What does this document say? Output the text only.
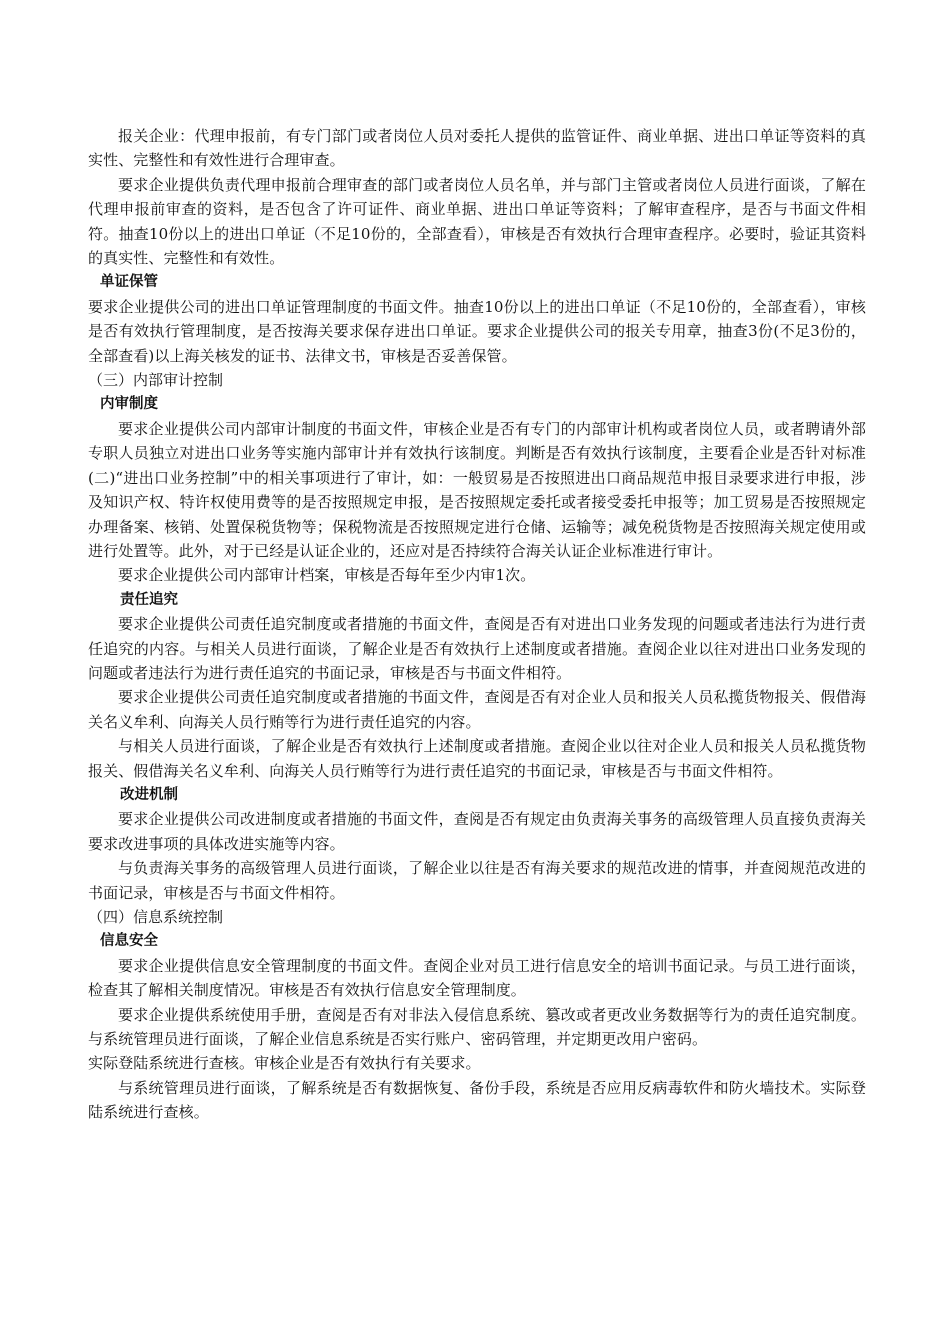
报关企业：代理申报前，有专门部门或者岗位人员对委托人提供的监管证件、商业单据、进出口单证等资料的真实性、完整性和有效性进行合理审查。

要求企业提供负责代理申报前合理审查的部门或者岗位人员名单，并与部门主管或者岗位人员进行面谈，了解在代理申报前审查的资料，是否包含了许可证件、商业单据、进出口单证等资料；了解审查程序，是否与书面文件相符。抽查10份以上的进出口单证（不足10份的，全部查看），审核是否有效执行合理审查程序。必要时，验证其资料的真实性、完整性和有效性。

单证保管

要求企业提供公司的进出口单证管理制度的书面文件。抽查10份以上的进出口单证（不足10份的，全部查看），审核是否有效执行管理制度，是否按海关要求保存进出口单证。要求企业提供公司的报关专用章，抽查3份(不足3份的，全部查看)以上海关核发的证书、法律文书，审核是否妥善保管。

（三）内部审计控制

内审制度

要求企业提供公司内部审计制度的书面文件，审核企业是否有专门的内部审计机构或者岗位人员，或者聘请外部专职人员独立对进出口业务等实施内部审计并有效执行该制度。判断是否有效执行该制度，主要看企业是否针对标准(二)“进出口业务控制”中的相关事项进行了审计，如：一般贸易是否按照进出口商品规范申报目录要求进行申报，涉及知识产权、特许权使用费等的是否按照规定申报，是否按照规定委托或者接受委托申报等；加工贸易是否按照规定办理备案、核销、处置保税货物等；保税物流是否按照规定进行仓储、运输等；减免税货物是否按照海关规定使用或进行处置等。此外，对于已经是认证企业的，还应对是否持续符合海关认证企业标准进行审计。

要求企业提供公司内部审计档案，审核是否每年至少内审1次。

责任追究

要求企业提供公司责任追究制度或者措施的书面文件，查阅是否有对进出口业务发现的问题或者违法行为进行责任追究的内容。与相关人员进行面谈，了解企业是否有效执行上述制度或者措施。查阅企业以往对进出口业务发现的问题或者违法行为进行责任追究的书面记录，审核是否与书面文件相符。

要求企业提供公司责任追究制度或者措施的书面文件，查阅是否有对企业人员和报关人员私揽货物报关、假借海关名义牟利、向海关人员行贿等行为进行责任追究的内容。

与相关人员进行面谈，了解企业是否有效执行上述制度或者措施。查阅企业以往对企业人员和报关人员私揽货物报关、假借海关名义牟利、向海关人员行贿等行为进行责任追究的书面记录，审核是否与书面文件相符。

改进机制

要求企业提供公司改进制度或者措施的书面文件，查阅是否有规定由负责海关事务的高级管理人员直接负责海关要求改进事项的具体改进实施等内容。

与负责海关事务的高级管理人员进行面谈，了解企业以往是否有海关要求的规范改进的情事，并查阅规范改进的书面记录，审核是否与书面文件相符。

（四）信息系统控制

信息安全

要求企业提供信息安全管理制度的书面文件。查阅企业对员工进行信息安全的培训书面记录。与员工进行面谈，检查其了解相关制度情况。审核是否有效执行信息安全管理制度。

要求企业提供系统使用手册，查阅是否有对非法入侵信息系统、篡改或者更改业务数据等行为的责任追究制度。与系统管理员进行面谈，了解企业信息系统是否实行账户、密码管理，并定期更改用户密码。

实际登陆系统进行查核。审核企业是否有效执行有关要求。

与系统管理员进行面谈，了解系统是否有数据恢复、备份手段，系统是否应用反病毒软件和防火墙技术。实际登陆系统进行查核。
